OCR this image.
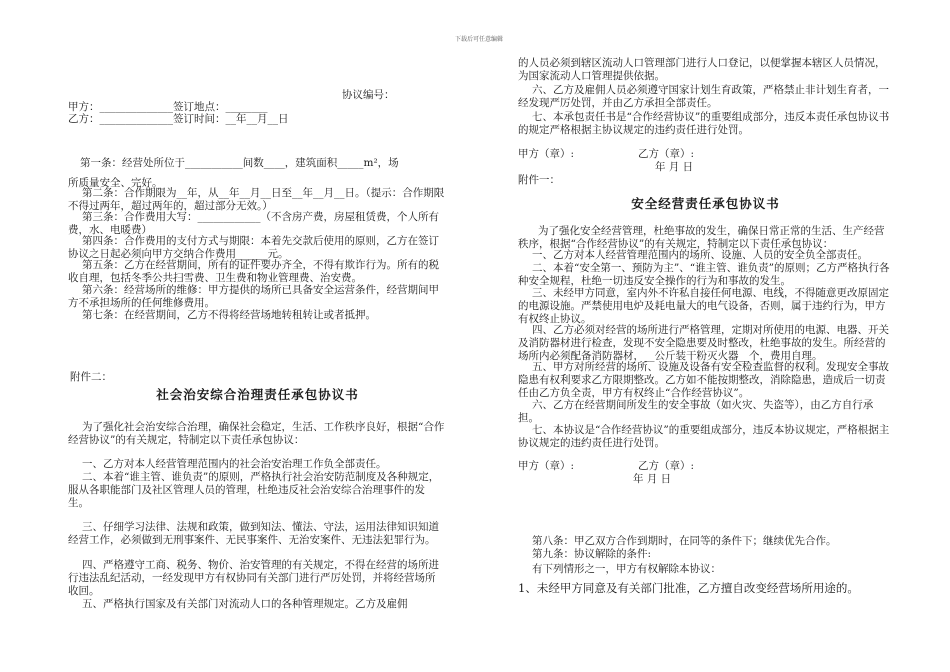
下载后可任意编辑
协议编号：
甲方：______________签订地点：________
乙方：______________签订时间：__年__月__日
第一条：经营处所位于___________间数____，建筑面积_____m²，场
所质量安全、完好。
第二条：合作期限为__年，从__年__月__日至__年__月__日。（提示：合作期限不得过两年，超过两年的，超过部分无效。）
第三条：合作费用大写：____________（不含房产费，房屋租赁费，个人所有费，水、电暖费）
第四条：合作费用的支付方式与期限：本着先交款后使用的原则，乙方在签订协议之日起必须向甲方交纳合作费用______元。
第五条：乙方在经营期间，所有的证件要办齐全，不得有欺诈行为。所有的税收自理，包括冬季公共扫雪费、卫生费和物业管理费、治安费。
第六条：经营场所的维修：甲方提供的场所已具备安全运营条件，经营期间甲方不承担场所的任何维修费用。
第七条：在经营期间，乙方不得将经营场地转租转让或者抵押。
附件二：
社会治安综合治理责任承包协议书
为了强化社会治安综合治理，确保社会稳定，生活、工作秩序良好，根据“合作经营协议”的有关规定，特制定以下责任承包协议：
一、乙方对本人经营管理范围内的社会治安治理工作负全部责任。
二、本着“谁主管、谁负责”的原则，严格执行社会治安防范制度及各种规定，服从各职能部门及社区管理人员的管理，杜绝违反社会治安综合治理事件的发生。
三、仔细学习法律、法规和政策，做到知法、懂法、守法，运用法律知识知道经营工作，必须做到无刑事案件、无民事案件、无治安案件、无违法犯罪行为。
四、严格遵守工商、税务、物价、治安管理的有关规定，不得在经营的场所进行违法乱纪活动，一经发现甲方有权协同有关部门进行严厉处罚，并将经营场所收回。
五、严格执行国家及有关部门对流动人口的各种管理规定。乙方及雇佣
的人员必须到辖区流动人口管理部门进行人口登记，以便掌握本辖区人员情况，为国家流动人口管理提供依据。
六、乙方及雇佣人员必须遵守国家计划生育政策，严格禁止非计划生育者，一经发现严厉处罚，并由乙方承担全部责任。
七、本承包责任书是“合作经营协议”的重要组成部分，违反本责任承包协议书的规定严格根据主协议规定的违约责任进行处罚。
甲方（章）:	乙方（章）:
年 月 日
附件一：
安全经营责任承包协议书
为了强化安全经营管理，杜绝事故的发生，确保日常正常的生活、生产经营秩序，根据“合作经营协议”的有关规定，特制定以下责任承包协议：
一、乙方对本人经营管理范围内的场所、设施、人员的安全负全部责任。
二、本着“安全第一、预防为主”、“谁主管、谁负责”的原则；乙方严格执行各种安全规程，杜绝一切违反安全操作的行为和事故的发生。
三、未经甲方同意，室内外不许私自接任何电源、电线，不得随意更改原固定的电源设施。严禁使用电炉及耗电量大的电气设备，否则，属于违约行为，甲方有权终止协议。
四、乙方必须对经营的场所进行严格管理，定期对所使用的电源、电器、开关及消防器材进行检查，发现不安全隐患要及时整改，杜绝事故的发生。所经营的场所内必须配备消防器材，__公斤装干粉灭火器__个，费用自理。
五、甲方对所经营的场所、设施及设备有安全检查监督的权利。发现安全事故隐患有权利要求乙方限期整改。乙方如不能按期整改，消除隐患，造成后一切责任由乙方负全责，甲方有权终止“合作经营协议”。
六、乙方在经营期间所发生的安全事故（如火灾、失盗等），由乙方自行承担。
七、本协议是“合作经营协议”的重要组成部分，违反本协议规定，严格根据主协议规定的违约责任进行处罚。
甲方（章）:	乙方（章）:
年 月 日
第八条：甲乙双方合作到期时，在同等的条件下；继续优先合作。
第九条：协议解除的条件:
有下列情形之一，甲方有权解除本协议：
1、未经甲方同意及有关部门批准，乙方擅自改变经营场所用途的。
